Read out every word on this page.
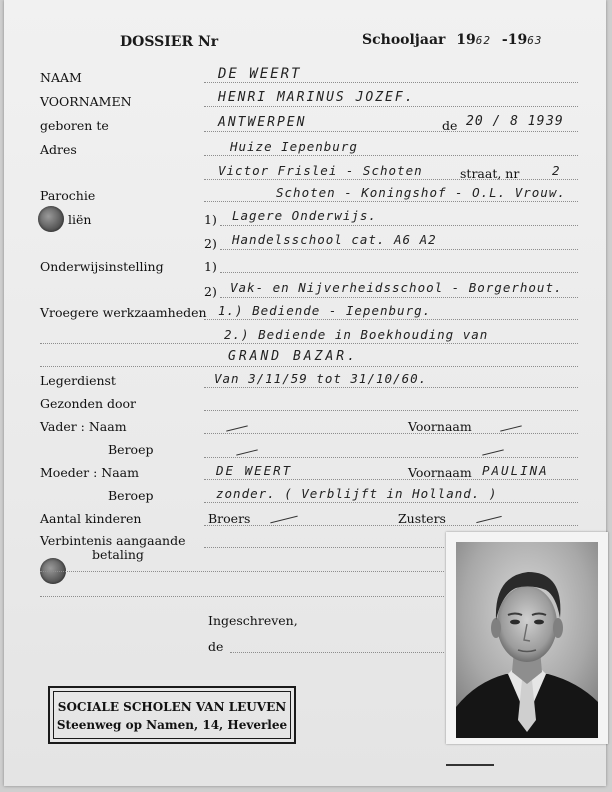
DOSSIER Nr	Schooljaar 1962 -1963
NAAM	DE WEERT
VOORNAMEN	HENRI MARINUS JOZEF.
geboren te	ANTWERPEN	de 20 / 8 19 39
Adres	Huize Iepenburg
Victor Frislei - Schoten	straat, nr	2
Parochie	Schoten - Koningshof - O.L. Vrouw.
liën	1) Lagere Onderwijs.
2) Handelsschool cat. A6 A2
Onderwijsinstelling	1)
2) Vak- en Nijverheidsschool - Borgerhout.
Vroegere werkzaamheden 1.) Bediende - Iepenburg.
2.) Bediende in Boekhouding van
GRAND BAZAR.
Legerdienst	Van 3/11/59 tot 31/10/60.
Gezonden door
Vader : Naam	Voornaam
Beroep
Moeder : Naam	DE WEERT	Voornaam PAULINA
Beroep	zonder. ( Verblijft in Holland. )
Aantal kinderen	Broers	Zusters
Verbintenis aangaande
betaling
Ingeschreven,
de
SOCIALE SCHOLEN VAN LEUVEN
Steenweg op Namen, 14, Heverlee
